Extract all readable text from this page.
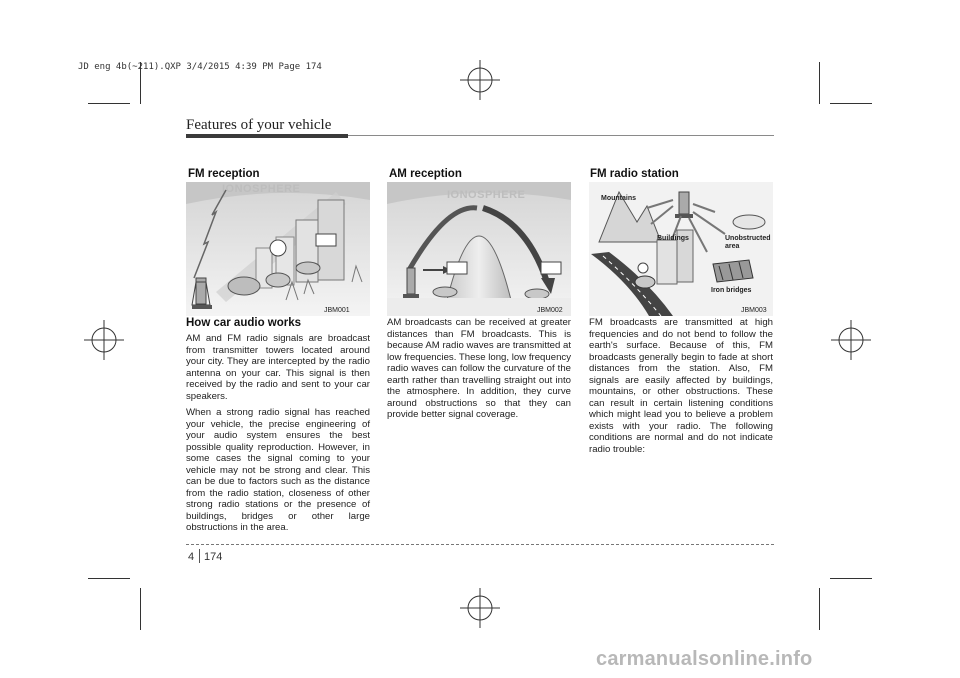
JD eng 4b(~211).QXP 3/4/2015 4:39 PM Page 174
Features of your vehicle
FM reception	AM reception	FM radio station
IONOSPHERE
JBM001
IONOSPHERE
JBM002
Mountains
Buildings	Unobstructed
area
Iron bridges
JBM003
How car audio works

AM and FM radio signals are broadcast from transmitter towers located around your city. They are intercepted by the radio antenna on your car. This signal is then received by the radio and sent to your car speakers.

When a strong radio signal has reached your vehicle, the precise engineering of your audio system ensures the best possible quality reproduction. However, in some cases the signal coming to your vehicle may not be strong and clear. This can be due to factors such as the distance from the radio station, closeness of other strong radio stations or the presence of buildings, bridges or other large obstructions in the area.

AM broadcasts can be received at greater distances than FM broadcasts. This is because AM radio waves are transmitted at low frequencies. These long, low frequency radio waves can follow the curvature of the earth rather than travelling straight out into the atmosphere. In addition, they curve around obstructions so that they can provide better signal coverage.

FM broadcasts are transmitted at high frequencies and do not bend to follow the earth's surface. Because of this, FM broadcasts generally begin to fade at short distances from the station. Also, FM signals are easily affected by buildings, mountains, or other obstructions. These can result in certain listening conditions which might lead you to believe a problem exists with your radio. The following conditions are normal and do not indicate radio trouble:

4 174
carmanualsonline.info
